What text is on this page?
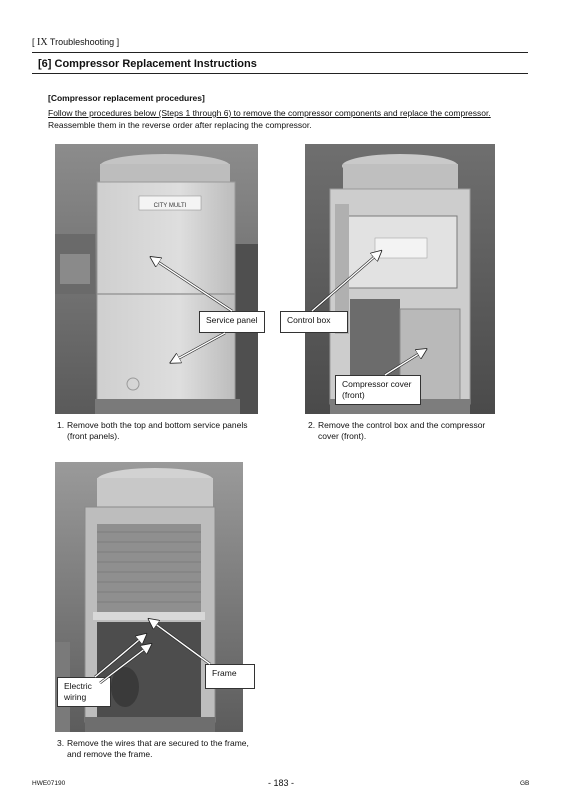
[ IX Troubleshooting ]
[6] Compressor Replacement Instructions
[Compressor replacement procedures]
Follow the procedures below (Steps 1 through 6) to remove the compressor components and replace the compressor.
Reassemble them in the reverse order after replacing the compressor.
CITY MULTI
Service panel	Control box
Compressor cover
(front)
1. Remove both the top and bottom service panels
(front panels).
2. Remove the control box and the compressor
cover (front).
Frame
Electric
wiring
3. Remove the wires that are secured to the frame,
and remove the frame.
HWE07190	- 183 -	GB
